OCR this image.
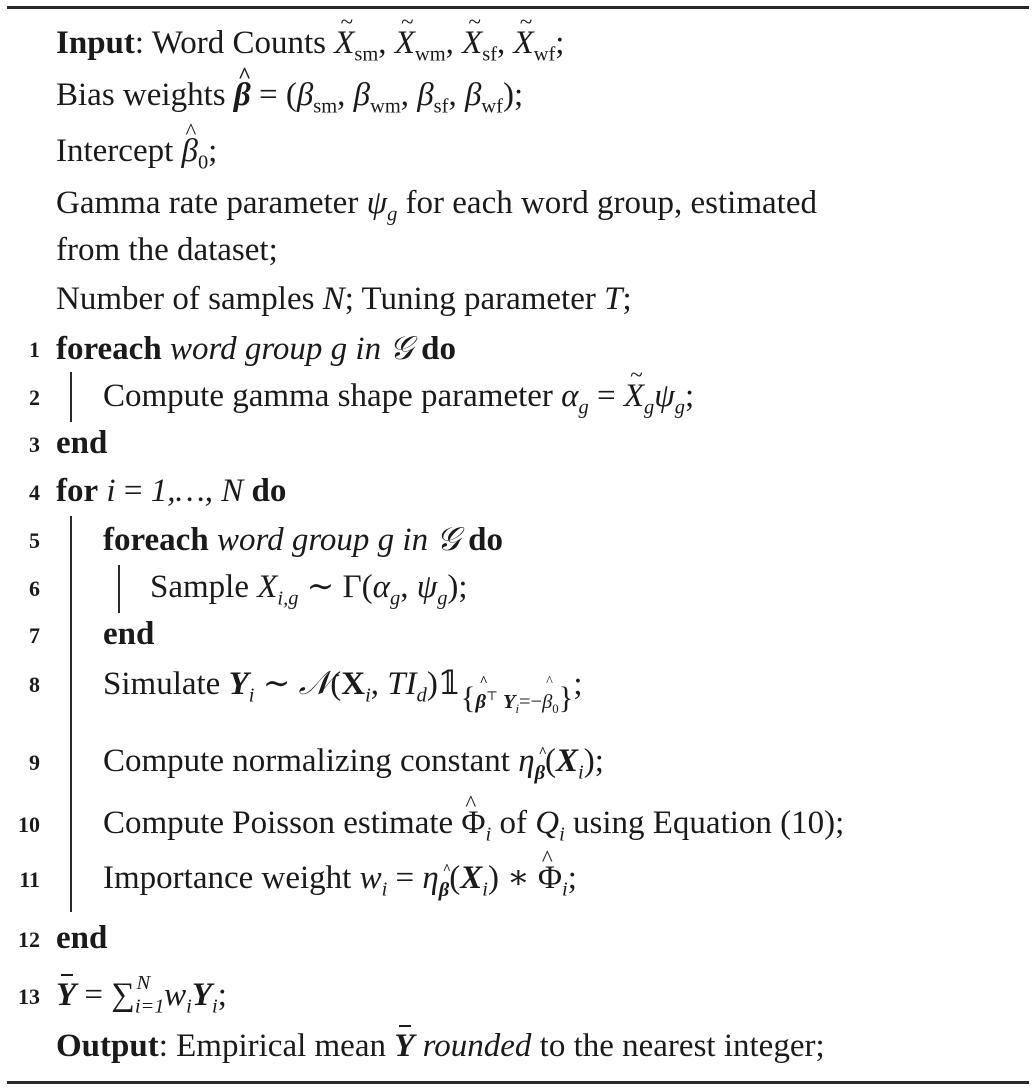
Input: Word Counts ~ $X_{sm}$, ~ $X_{wm}$, ~ $X_{sf}$, ~ $X_{wf}$;
Bias weights ^ $\beta = (\beta_{sm}$, $\beta_{wm}$, $\beta_{sf}$, $\beta_{wf}$);
Intercept ^ $\beta_0$;
Gamma rate parameter $\psi_g$ for each word group, estimated
from the dataset;
Number of samples N; Tuning parameter T;
1 foreach word group g in 𝒢 do
2 Compute gamma shape parameter $\alpha_g$ = ~ $X_g\psi_g$;
3 end
4 for i = 1,…, N do
5 foreach word group g in 𝒢 do
6	Sample $X_{i,g}$ ∼ $\Gamma(\alpha_g$, $\psi_g$);
7 end
8 Simulate $Y_i$ ∼ $𝒩(X_i$, $TI_d)𝟙_{\{\^{} \beta^⊤ Y_i=-\^{} \beta_0\}}$;
9 Compute normalizing constant $\eta_\beta(X_i)$;
10 Compute Poisson estimate ^ $\Phi_i$ of $Q_i$ using Equation (10);
11 Importance weight $w_i = \eta_\beta(X_i)$ ∗ ^ $\Phi_i$;
12 end
13 $Y = \sum_{i=1}^N$ $w_iY_i$;
Output: Empirical mean Y rounded to the nearest integer;
